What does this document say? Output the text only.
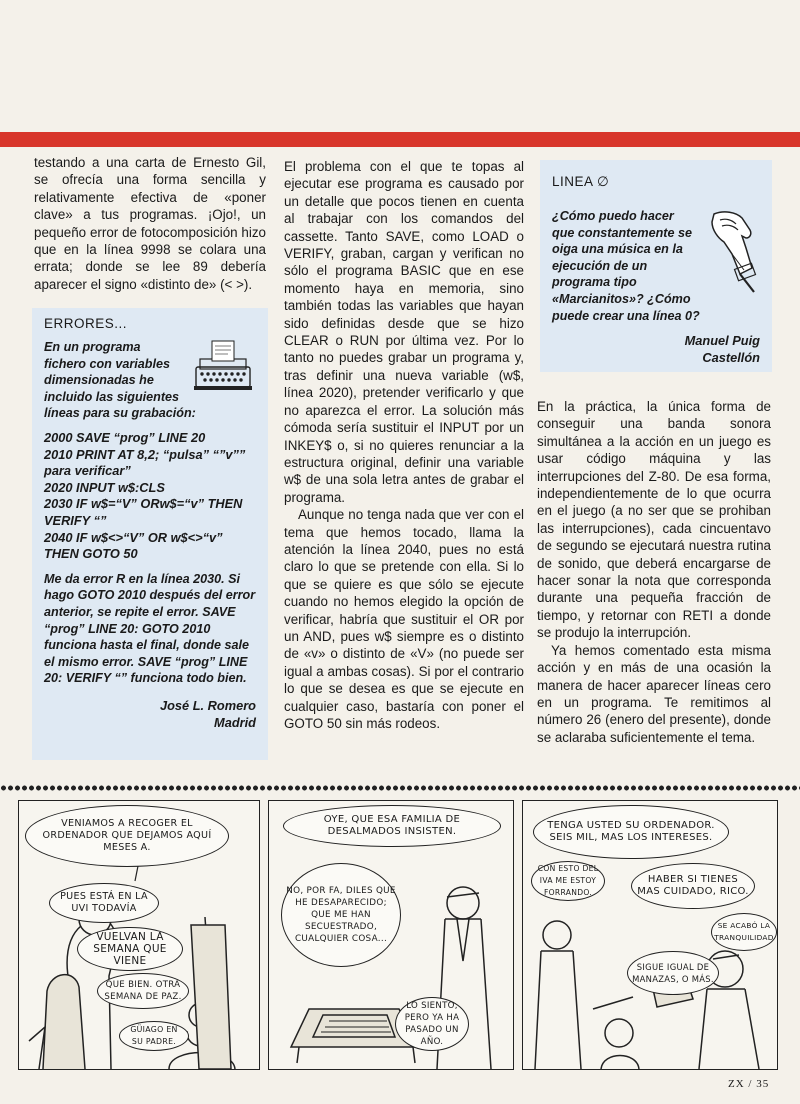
testando a una carta de Ernesto Gil, se ofrecía una forma sencilla y relativamente efectiva de «poner clave» a tus programas. ¡Ojo!, un pequeño error de fotocomposición hizo que en la línea 9998 se colara una errata; donde se lee 89 debería aparecer el signo «distinto de» (< >).

ERRORES...

En un programa fichero con variables dimensionadas he incluido las siguientes líneas para su grabación:

2000 SAVE “prog” LINE 20
2010 PRINT AT 8,2; “pulsa” “”v”” para verificar”
2020 INPUT w$:CLS
2030 IF w$=“V” ORw$=“v” THEN VERIFY “”
2040 IF w$<>“V” OR w$<>“v” THEN GOTO 50

Me da error R en la línea 2030. Si hago GOTO 2010 después del error anterior, se repite el error. SAVE “prog” LINE 20: GOTO 2010 funciona hasta el final, donde sale el mismo error. SAVE “prog” LINE 20: VERIFY “” funciona todo bien.

José L. Romero

Madrid

El problema con el que te topas al ejecutar ese programa es causado por un detalle que pocos tienen en cuenta al trabajar con los comandos del cassette. Tanto SAVE, como LOAD o VERIFY, graban, cargan y verifican no sólo el programa BASIC que en ese momento haya en memoria, sino también todas las variables que hayan sido definidas desde que se hizo CLEAR o RUN por última vez. Por lo tanto no puedes grabar un programa y, tras definir una nueva variable (w$, línea 2020), pretender verificarlo y que no aparezca el error. La solución más cómoda sería sustituir el INPUT por un INKEY$ o, si no quieres renunciar a la estructura original, definir una variable w$ de una sola letra antes de grabar el programa.

Aunque no tenga nada que ver con el tema que hemos tocado, llama la atención la línea 2040, pues no está claro lo que se pretende con ella. Si lo que se quiere es que sólo se ejecute cuando no hemos elegido la opción de verificar, habría que sustituir el OR por un AND, pues w$ siempre es o distinto de «v» o distinto de «V» (no puede ser igual a ambas cosas). Si por el contrario lo que se desea es que se ejecute en cualquier caso, bastaría con poner el GOTO 50 sin más rodeos.

LINEA ∅

¿Cómo puedo hacer que constantemente se oiga una música en la ejecución de un programa tipo «Marcianitos»? ¿Cómo puede crear una línea 0?

Manuel Puig

Castellón

En la práctica, la única forma de conseguir una banda sonora simultánea a la acción en un juego es usar código máquina y las interrupciones del Z-80. De esa forma, independientemente de lo que ocurra en el juego (a no ser que se prohiban las interrupciones), cada cincuentavo de segundo se ejecutará nuestra rutina de sonido, que deberá encargarse de hacer sonar la nota que corresponda durante una pequeña fracción de tiempo, y retornar con RETI a donde se produjo la interrupción.

Ya hemos comentado esta misma acción y en más de una ocasión la manera de hacer aparecer líneas cero en un programa. Te remitimos al número 26 (enero del presente), donde se aclaraba suficientemente el tema.

VENIAMOS A RECOGER EL ORDENADOR QUE DEJAMOS AQUÍ MESES A.
PUES ESTÁ EN LA UVI TODAVÍA
VUELVAN LA SEMANA QUE VIENE
QUE BIEN. OTRA SEMANA DE PAZ.
GÜIAGO EN SU PADRE.
OYE, QUE ESA FAMILIA DE DESALMADOS INSISTEN.
NO, POR FA, DILES QUE HE DESAPARECIDO; QUE ME HAN SECUESTRADO, CUALQUIER COSA...
LO SIENTO, PERO YA HA PASADO UN AÑO.
TENGA USTED SU ORDENADOR. SEIS MIL, MAS LOS INTERESES.
CON ESTO DEL IVA ME ESTOY FORRANDO.
HABER SI TIENES MAS CUIDADO, RICO.
SE ACABÓ LA TRANQUILIDAD
SIGUE IGUAL DE MANAZAS, O MÁS.
ZX / 35
